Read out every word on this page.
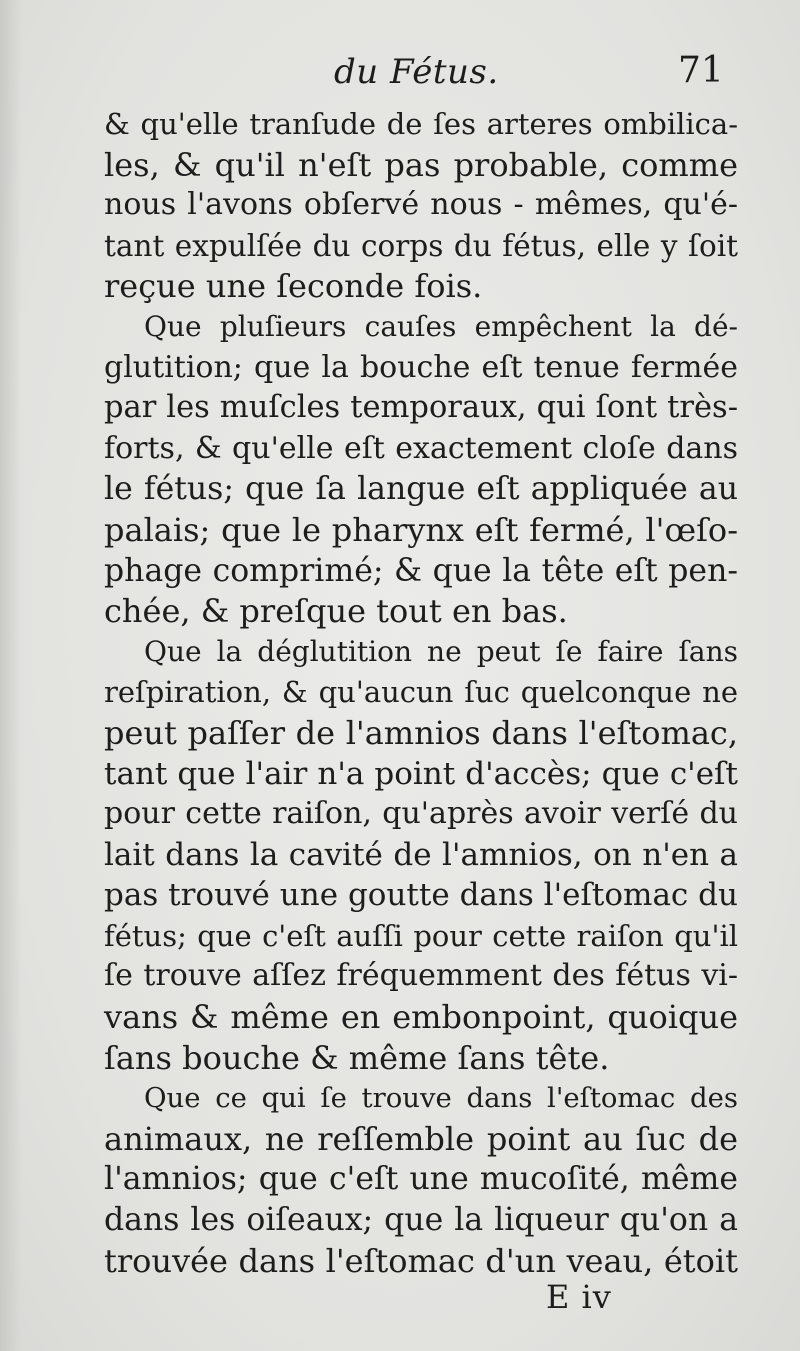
du Fétus.	71
& qu'elle tranſude de ſes arteres ombilica-
les, & qu'il n'eſt pas probable, comme
nous l'avons obſervé nous - mêmes, qu'é-
tant expulſée du corps du fétus, elle y ſoit
reçue une ſeconde fois.
Que pluſieurs cauſes empêchent la dé-
glutition; que la bouche eſt tenue fermée
par les muſcles temporaux, qui ſont très-
forts, & qu'elle eſt exactement cloſe dans
le fétus; que ſa langue eſt appliquée au
palais; que le pharynx eſt fermé, l'œſo-
phage comprimé; & que la tête eſt pen-
chée, & preſque tout en bas.
Que la déglutition ne peut ſe faire ſans
reſpiration, & qu'aucun ſuc quelconque ne
peut paſſer de l'amnios dans l'eſtomac,
tant que l'air n'a point d'accès; que c'eſt
pour cette raiſon, qu'après avoir verſé du
lait dans la cavité de l'amnios, on n'en a
pas trouvé une goutte dans l'eſtomac du
fétus; que c'eſt auſſi pour cette raiſon qu'il
ſe trouve aſſez fréquemment des fétus vi-
vans & même en embonpoint, quoique
ſans bouche & même ſans tête.
Que ce qui ſe trouve dans l'eſtomac des
animaux, ne reſſemble point au ſuc de
l'amnios; que c'eſt une mucoſité, même
dans les oiſeaux; que la liqueur qu'on a
trouvée dans l'eſtomac d'un veau, étoit
E iv
